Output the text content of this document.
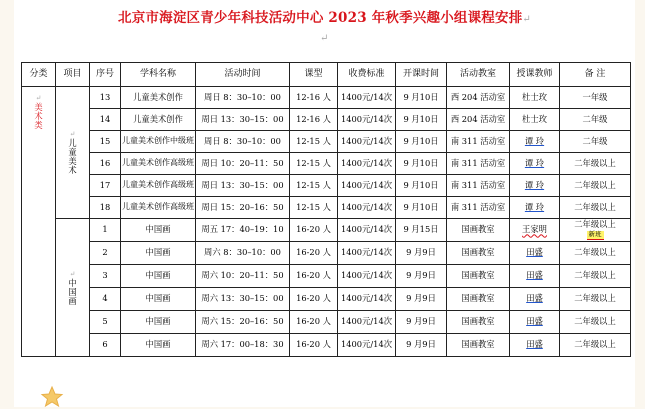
北京市海淀区青少年科技活动中心 2023 年秋季兴趣小组课程安排↵
↵
分类	项目	序号	学科名称	活动时间	课型	收费标准	开课时间	活动教室	授课教师	备 注
↵
美
术
类	↵
儿
童
美
术	13	儿童美术创作	周日 8：30–10：00	12-16 人	1400元/14次	9 月10日	西 204 活动室	杜士玫	一年级
		14	儿童美术创作	周日 13：30–15：00	12-16 人	1400元/14次	9 月10日	西 204 活动室	杜士玫	二年级
		15	儿童美术创作中级班	周日 8：30–10：00	12-15 人	1400元/14次	9 月10日	南 311 活动室	谭 玲	二年级
		16	儿童美术创作高级班	周日 10：20–11：50	12-15 人	1400元/14次	9 月10日	南 311 活动室	谭 玲	二年级以上
		17	儿童美术创作高级班	周日 13：30–15：00	12-15 人	1400元/14次	9 月10日	南 311 活动室	谭 玲	二年级以上
		18	儿童美术创作高级班	周日 15：20–16：50	12-15 人	1400元/14次	9 月10日	南 311 活动室	谭 玲	二年级以上
	↵
中
国
画	1	中国画	周五 17：40–19：10	16-20 人	1400元/14次	9 月15日	国画教室	王家明	二年级以上
新班
		2	中国画	周六 8：30–10：00	16-20 人	1400元/14次	9 月9日	国画教室	田盛	二年级以上
		3	中国画	周六 10：20–11：50	16-20 人	1400元/14次	9 月9日	国画教室	田盛	二年级以上
		4	中国画	周六 13：30–15：00	16-20 人	1400元/14次	9 月9日	国画教室	田盛	二年级以上
		5	中国画	周六 15：20–16：50	16-20 人	1400元/14次	9 月9日	国画教室	田盛	二年级以上
		6	中国画	周六 17：00–18：30	16-20 人	1400元/14次	9 月9日	国画教室	田盛	二年级以上
